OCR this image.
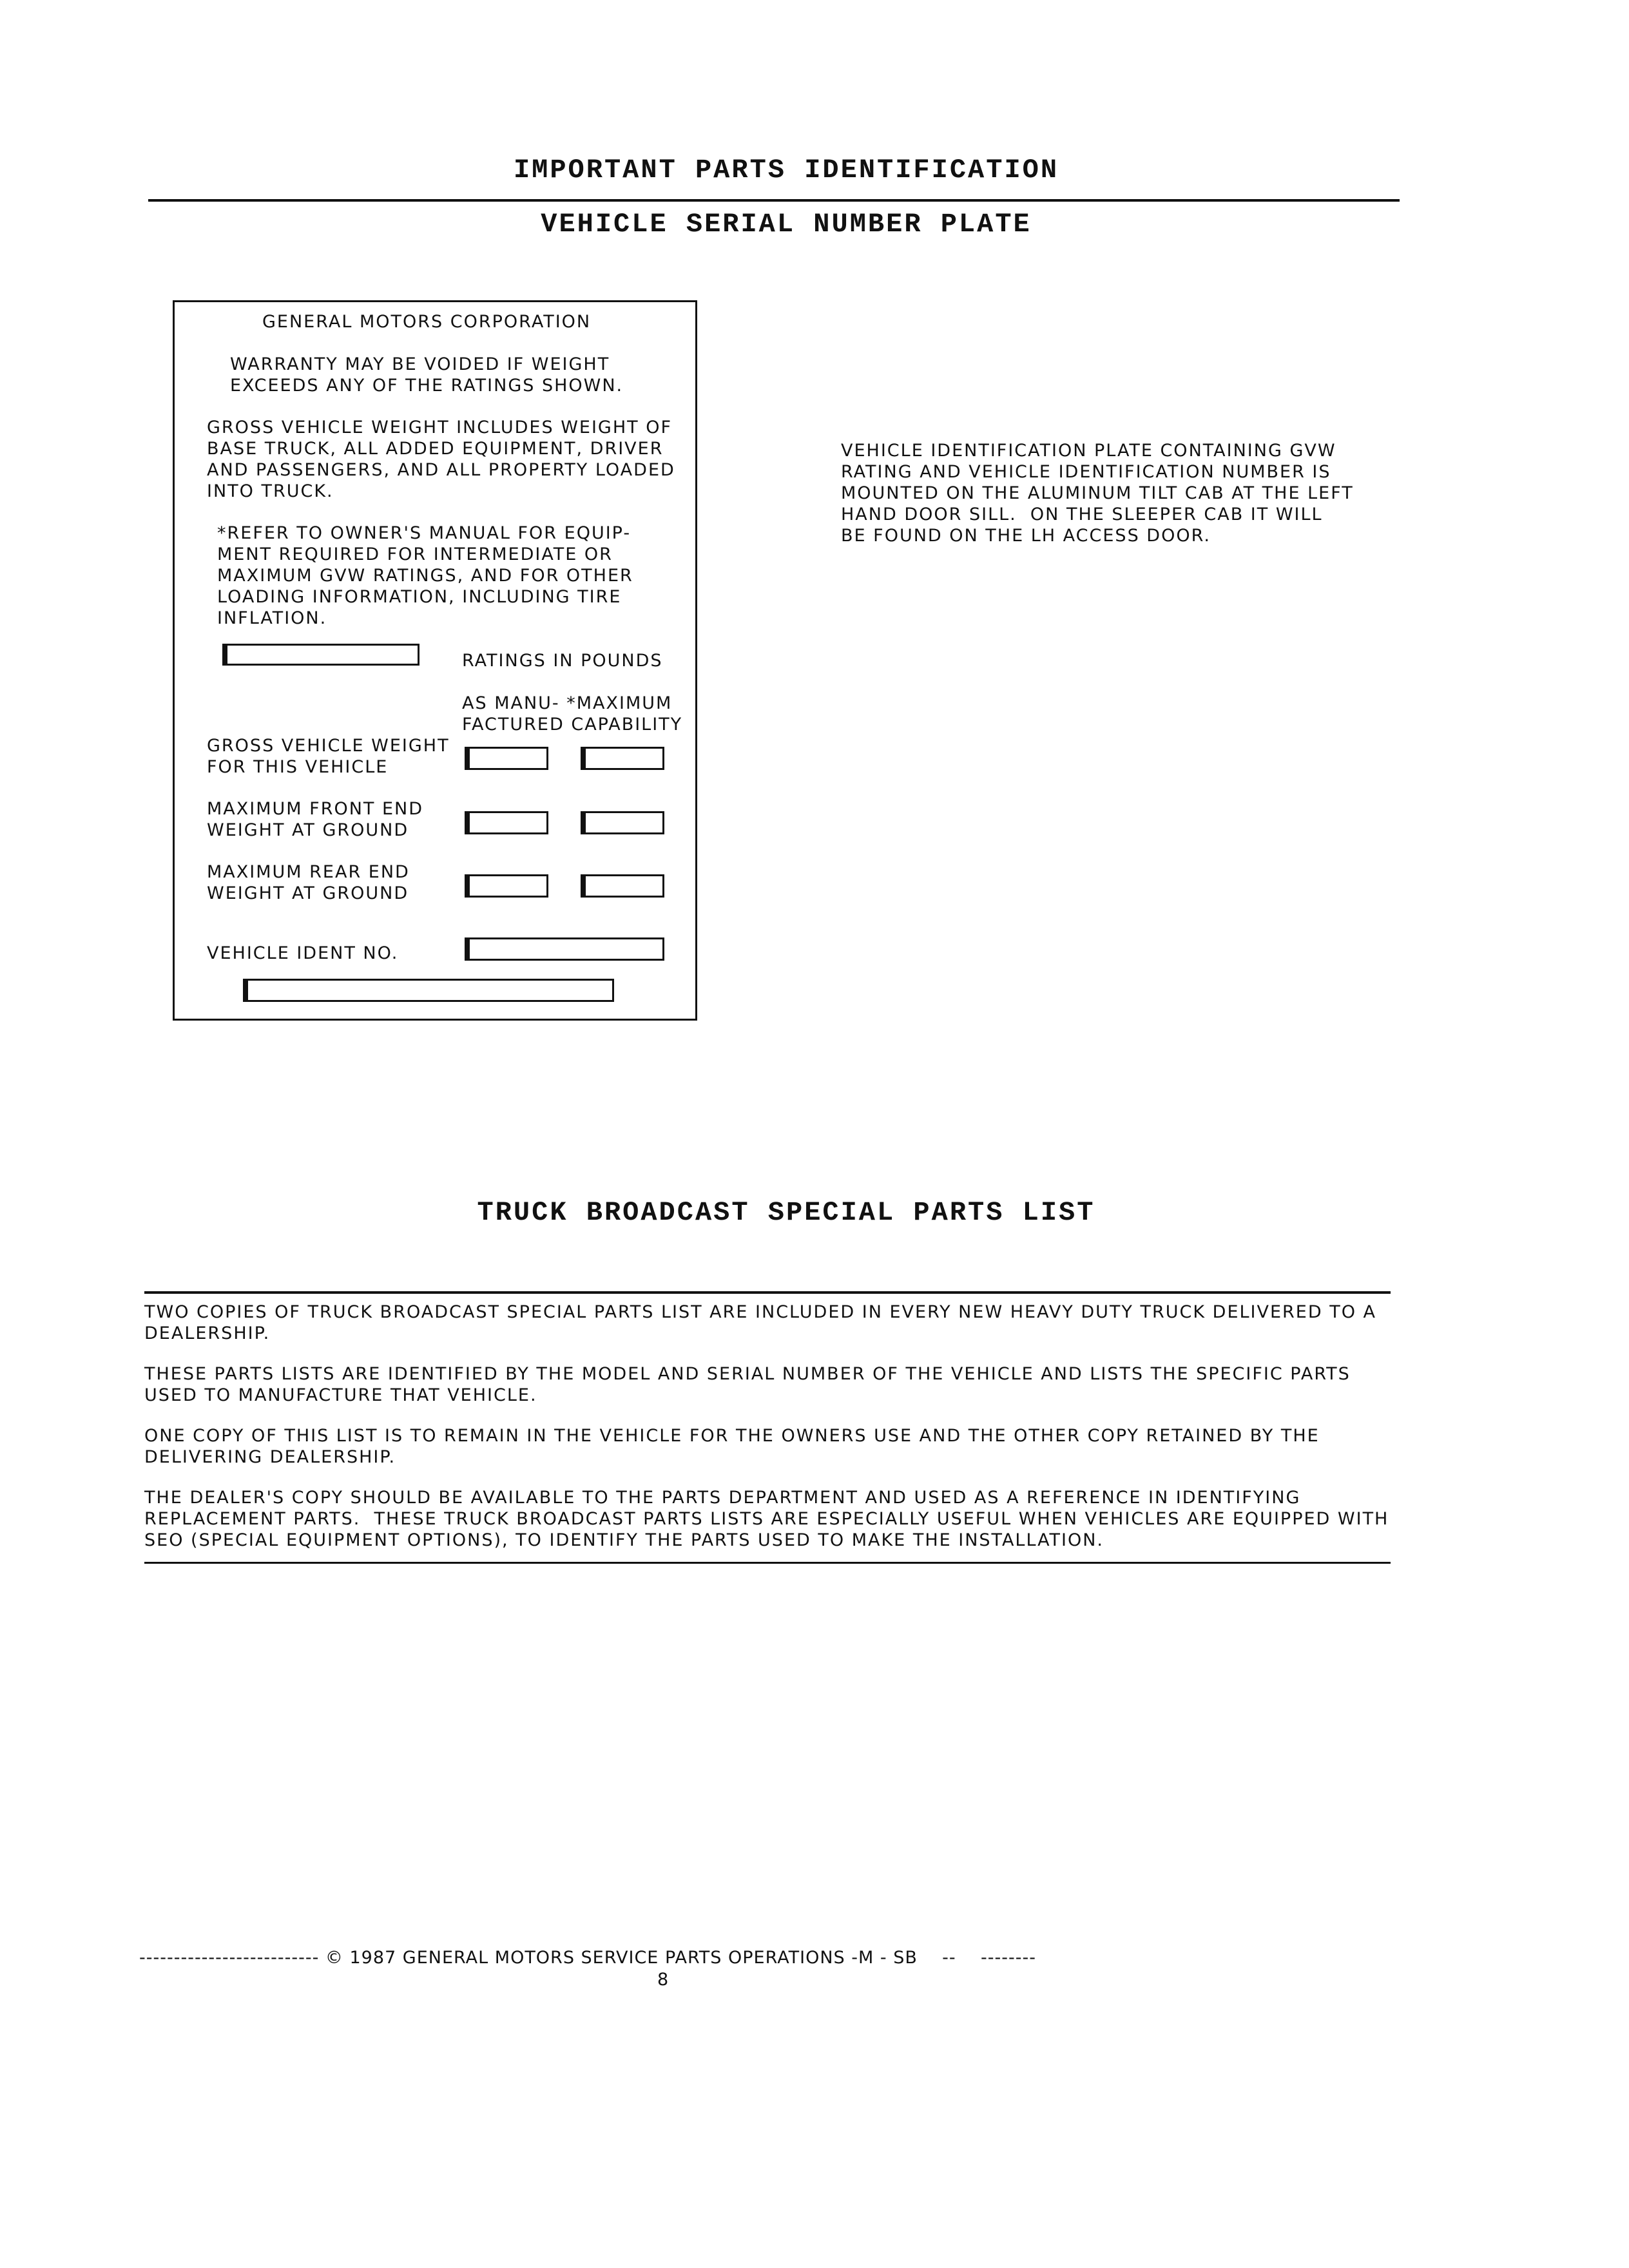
IMPORTANT PARTS IDENTIFICATION
VEHICLE SERIAL NUMBER PLATE
GENERAL MOTORS CORPORATION
WARRANTY MAY BE VOIDED IF WEIGHT
EXCEEDS ANY OF THE RATINGS SHOWN.
GROSS VEHICLE WEIGHT INCLUDES WEIGHT OF
BASE TRUCK, ALL ADDED EQUIPMENT, DRIVER
AND PASSENGERS, AND ALL PROPERTY LOADED
INTO TRUCK.
*REFER TO OWNER'S MANUAL FOR EQUIP-
MENT REQUIRED FOR INTERMEDIATE OR
MAXIMUM GVW RATINGS, AND FOR OTHER
LOADING INFORMATION, INCLUDING TIRE
INFLATION.
RATINGS IN POUNDS
AS MANU- *MAXIMUM
FACTURED CAPABILITY
GROSS VEHICLE WEIGHT
FOR THIS VEHICLE
MAXIMUM FRONT END
WEIGHT AT GROUND
MAXIMUM REAR END
WEIGHT AT GROUND
VEHICLE IDENT NO.
VEHICLE IDENTIFICATION PLATE CONTAINING GVW
RATING AND VEHICLE IDENTIFICATION NUMBER IS
MOUNTED ON THE ALUMINUM TILT CAB AT THE LEFT
HAND DOOR SILL.  ON THE SLEEPER CAB IT WILL
BE FOUND ON THE LH ACCESS DOOR.
TRUCK BROADCAST SPECIAL PARTS LIST
TWO COPIES OF TRUCK BROADCAST SPECIAL PARTS LIST ARE INCLUDED IN EVERY NEW HEAVY DUTY TRUCK DELIVERED TO A
DEALERSHIP.
THESE PARTS LISTS ARE IDENTIFIED BY THE MODEL AND SERIAL NUMBER OF THE VEHICLE AND LISTS THE SPECIFIC PARTS
USED TO MANUFACTURE THAT VEHICLE.
ONE COPY OF THIS LIST IS TO REMAIN IN THE VEHICLE FOR THE OWNERS USE AND THE OTHER COPY RETAINED BY THE
DELIVERING DEALERSHIP.
THE DEALER'S COPY SHOULD BE AVAILABLE TO THE PARTS DEPARTMENT AND USED AS A REFERENCE IN IDENTIFYING
REPLACEMENT PARTS.  THESE TRUCK BROADCAST PARTS LISTS ARE ESPECIALLY USEFUL WHEN VEHICLES ARE EQUIPPED WITH
SEO (SPECIAL EQUIPMENT OPTIONS), TO IDENTIFY THE PARTS USED TO MAKE THE INSTALLATION.
-------------------------- © 1987 GENERAL MOTORS SERVICE PARTS OPERATIONS -M - SB    --    --------
8
